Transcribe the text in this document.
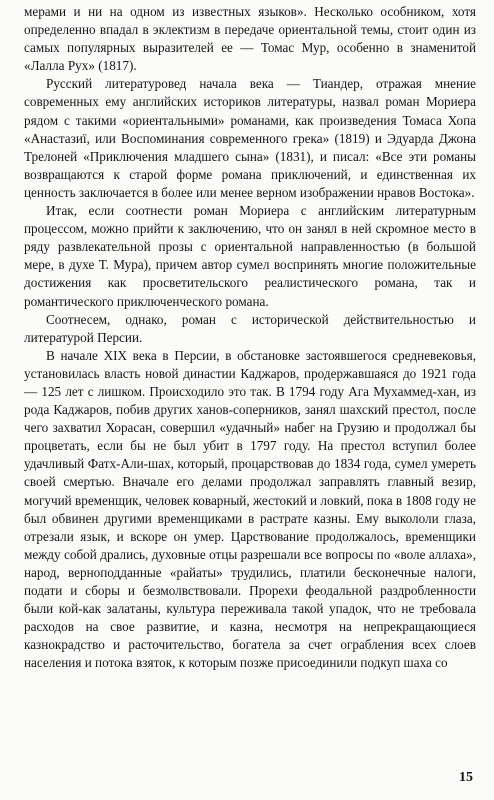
мерами и ни на одном из известных языков». Несколько особником, хотя определенно впадал в эклектизм в передаче ориентальной темы, стоит один из самых популярных выразителей ее — Томас Мур, особенно в знаменитой «Лалла Рух» (1817).

Русский литературовед начала века — Тиандер, отражая мнение современных ему английских историков литературы, назвал роман Мориера рядом с такими «ориентальными» романами, как произведения Томаса Хопа «Анастазиї, или Воспоминания современного грека» (1819) и Эдуарда Джона Трелоней «Приключения младшего сына» (1831), и писал: «Все эти романы возвращаются к старой форме романа приключений, и единственная их ценность заключается в более или менее верном изображении нравов Востока».

Итак, если соотнести роман Мориера с английским литературным процессом, можно прийти к заключению, что он занял в ней скромное место в ряду развлекательной прозы с ориентальной направленностью (в большой мере, в духе Т. Мура), причем автор сумел воспринять многие положительные достижения как просветительского реалистического романа, так и романтического приключенческого романа.

Соотнесем, однако, роман с исторической действительностью и литературой Персии.

В начале XIX века в Персии, в обстановке застоявшегося средневековья, установилась власть новой династии Каджаров, продержавшаяся до 1921 года — 125 лет с лишком. Происходило это так. В 1794 году Ага Мухаммед-хан, из рода Каджаров, побив других ханов-соперников, занял шахский престол, после чего захватил Хорасан, совершил «удачный» набег на Грузию и продолжал бы процветать, если бы не был убит в 1797 году. На престол вступил более удачливый Фатх-Али-шах, который, процарствовав до 1834 года, сумел умереть своей смертью. Вначале его делами продолжал заправлять главный везир, могучий временщик, человек коварный, жестокий и ловкий, пока в 1808 году не был обвинен другими временщиками в растрате казны. Ему выкололи глаза, отрезали язык, и вскоре он умер. Царствование продолжалось, временщики между собой дрались, духовные отцы разрешали все вопросы по «воле аллаха», народ, верноподданные «райаты» трудились, платили бесконечные налоги, подати и сборы и безмолвствовали. Прорехи феодальной раздробленности были кой-как залатаны, культура переживала такой упадок, что не требовала расходов на свое развитие, и казна, несмотря на непрекращающиеся казнокрадство и расточительство, богатела за счет ограбления всех слоев населения и потока взяток, к которым позже присоединили подкуп шаха со

15
